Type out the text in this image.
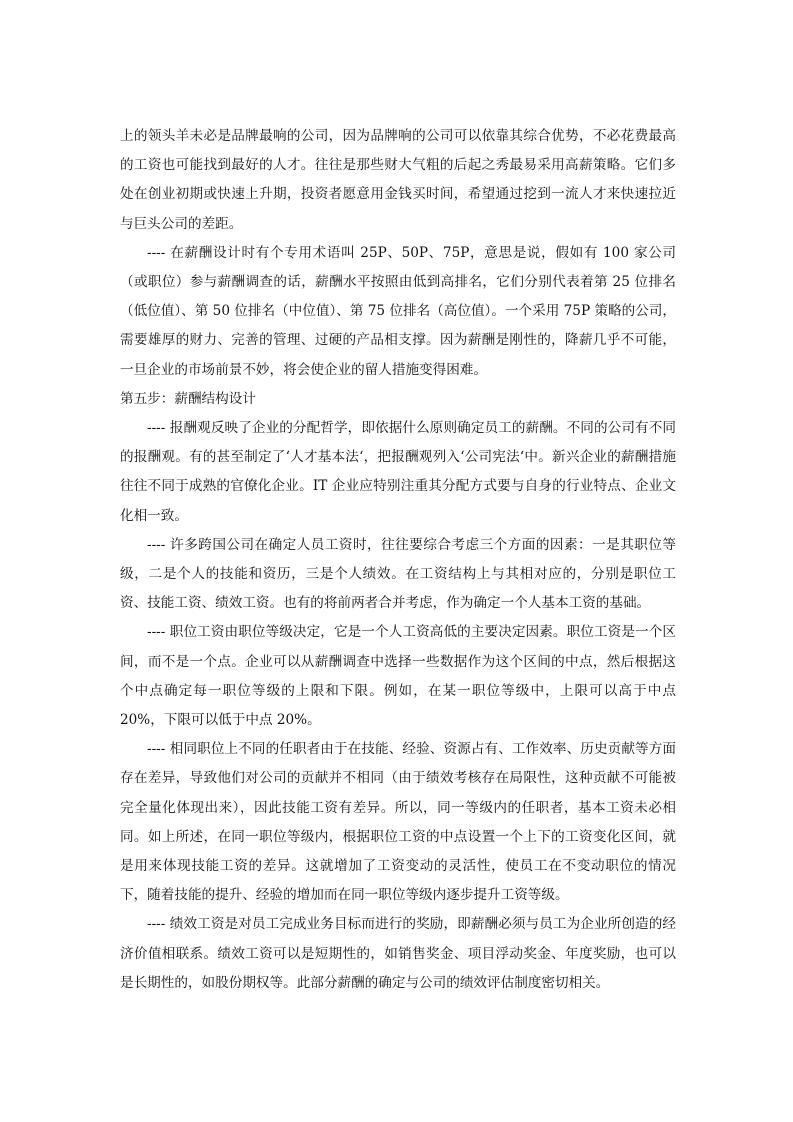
上的领头羊未必是品牌最响的公司，因为品牌响的公司可以依靠其综合优势，不必花费最高的工资也可能找到最好的人才。往往是那些财大气粗的后起之秀最易采用高薪策略。它们多处在创业初期或快速上升期，投资者愿意用金钱买时间，希望通过挖到一流人才来快速拉近与巨头公司的差距。

---- 在薪酬设计时有个专用术语叫 25P、50P、75P，意思是说，假如有 100 家公司（或职位）参与薪酬调查的话，薪酬水平按照由低到高排名，它们分别代表着第 25 位排名（低位值）、第 50 位排名（中位值）、第 75 位排名（高位值）。一个采用 75P 策略的公司，需要雄厚的财力、完善的管理、过硬的产品相支撑。因为薪酬是刚性的，降薪几乎不可能，一旦企业的市场前景不妙，将会使企业的留人措施变得困难。

第五步：薪酬结构设计

---- 报酬观反映了企业的分配哲学，即依据什么原则确定员工的薪酬。不同的公司有不同的报酬观。有的甚至制定了‘人才基本法‘，把报酬观列入‘公司宪法‘中。新兴企业的薪酬措施往往不同于成熟的官僚化企业。IT 企业应特别注重其分配方式要与自身的行业特点、企业文化相一致。

---- 许多跨国公司在确定人员工资时，往往要综合考虑三个方面的因素：一是其职位等级，二是个人的技能和资历，三是个人绩效。在工资结构上与其相对应的，分别是职位工资、技能工资、绩效工资。也有的将前两者合并考虑，作为确定一个人基本工资的基础。

---- 职位工资由职位等级决定，它是一个人工资高低的主要决定因素。职位工资是一个区间，而不是一个点。企业可以从薪酬调查中选择一些数据作为这个区间的中点，然后根据这个中点确定每一职位等级的上限和下限。例如，在某一职位等级中，上限可以高于中点 20%，下限可以低于中点 20%。

---- 相同职位上不同的任职者由于在技能、经验、资源占有、工作效率、历史贡献等方面存在差异，导致他们对公司的贡献并不相同（由于绩效考核存在局限性，这种贡献不可能被完全量化体现出来），因此技能工资有差异。所以，同一等级内的任职者，基本工资未必相同。如上所述，在同一职位等级内，根据职位工资的中点设置一个上下的工资变化区间，就是用来体现技能工资的差异。这就增加了工资变动的灵活性，使员工在不变动职位的情况下，随着技能的提升、经验的增加而在同一职位等级内逐步提升工资等级。

---- 绩效工资是对员工完成业务目标而进行的奖励，即薪酬必须与员工为企业所创造的经济价值相联系。绩效工资可以是短期性的，如销售奖金、项目浮动奖金、年度奖励，也可以是长期性的，如股份期权等。此部分薪酬的确定与公司的绩效评估制度密切相关。
